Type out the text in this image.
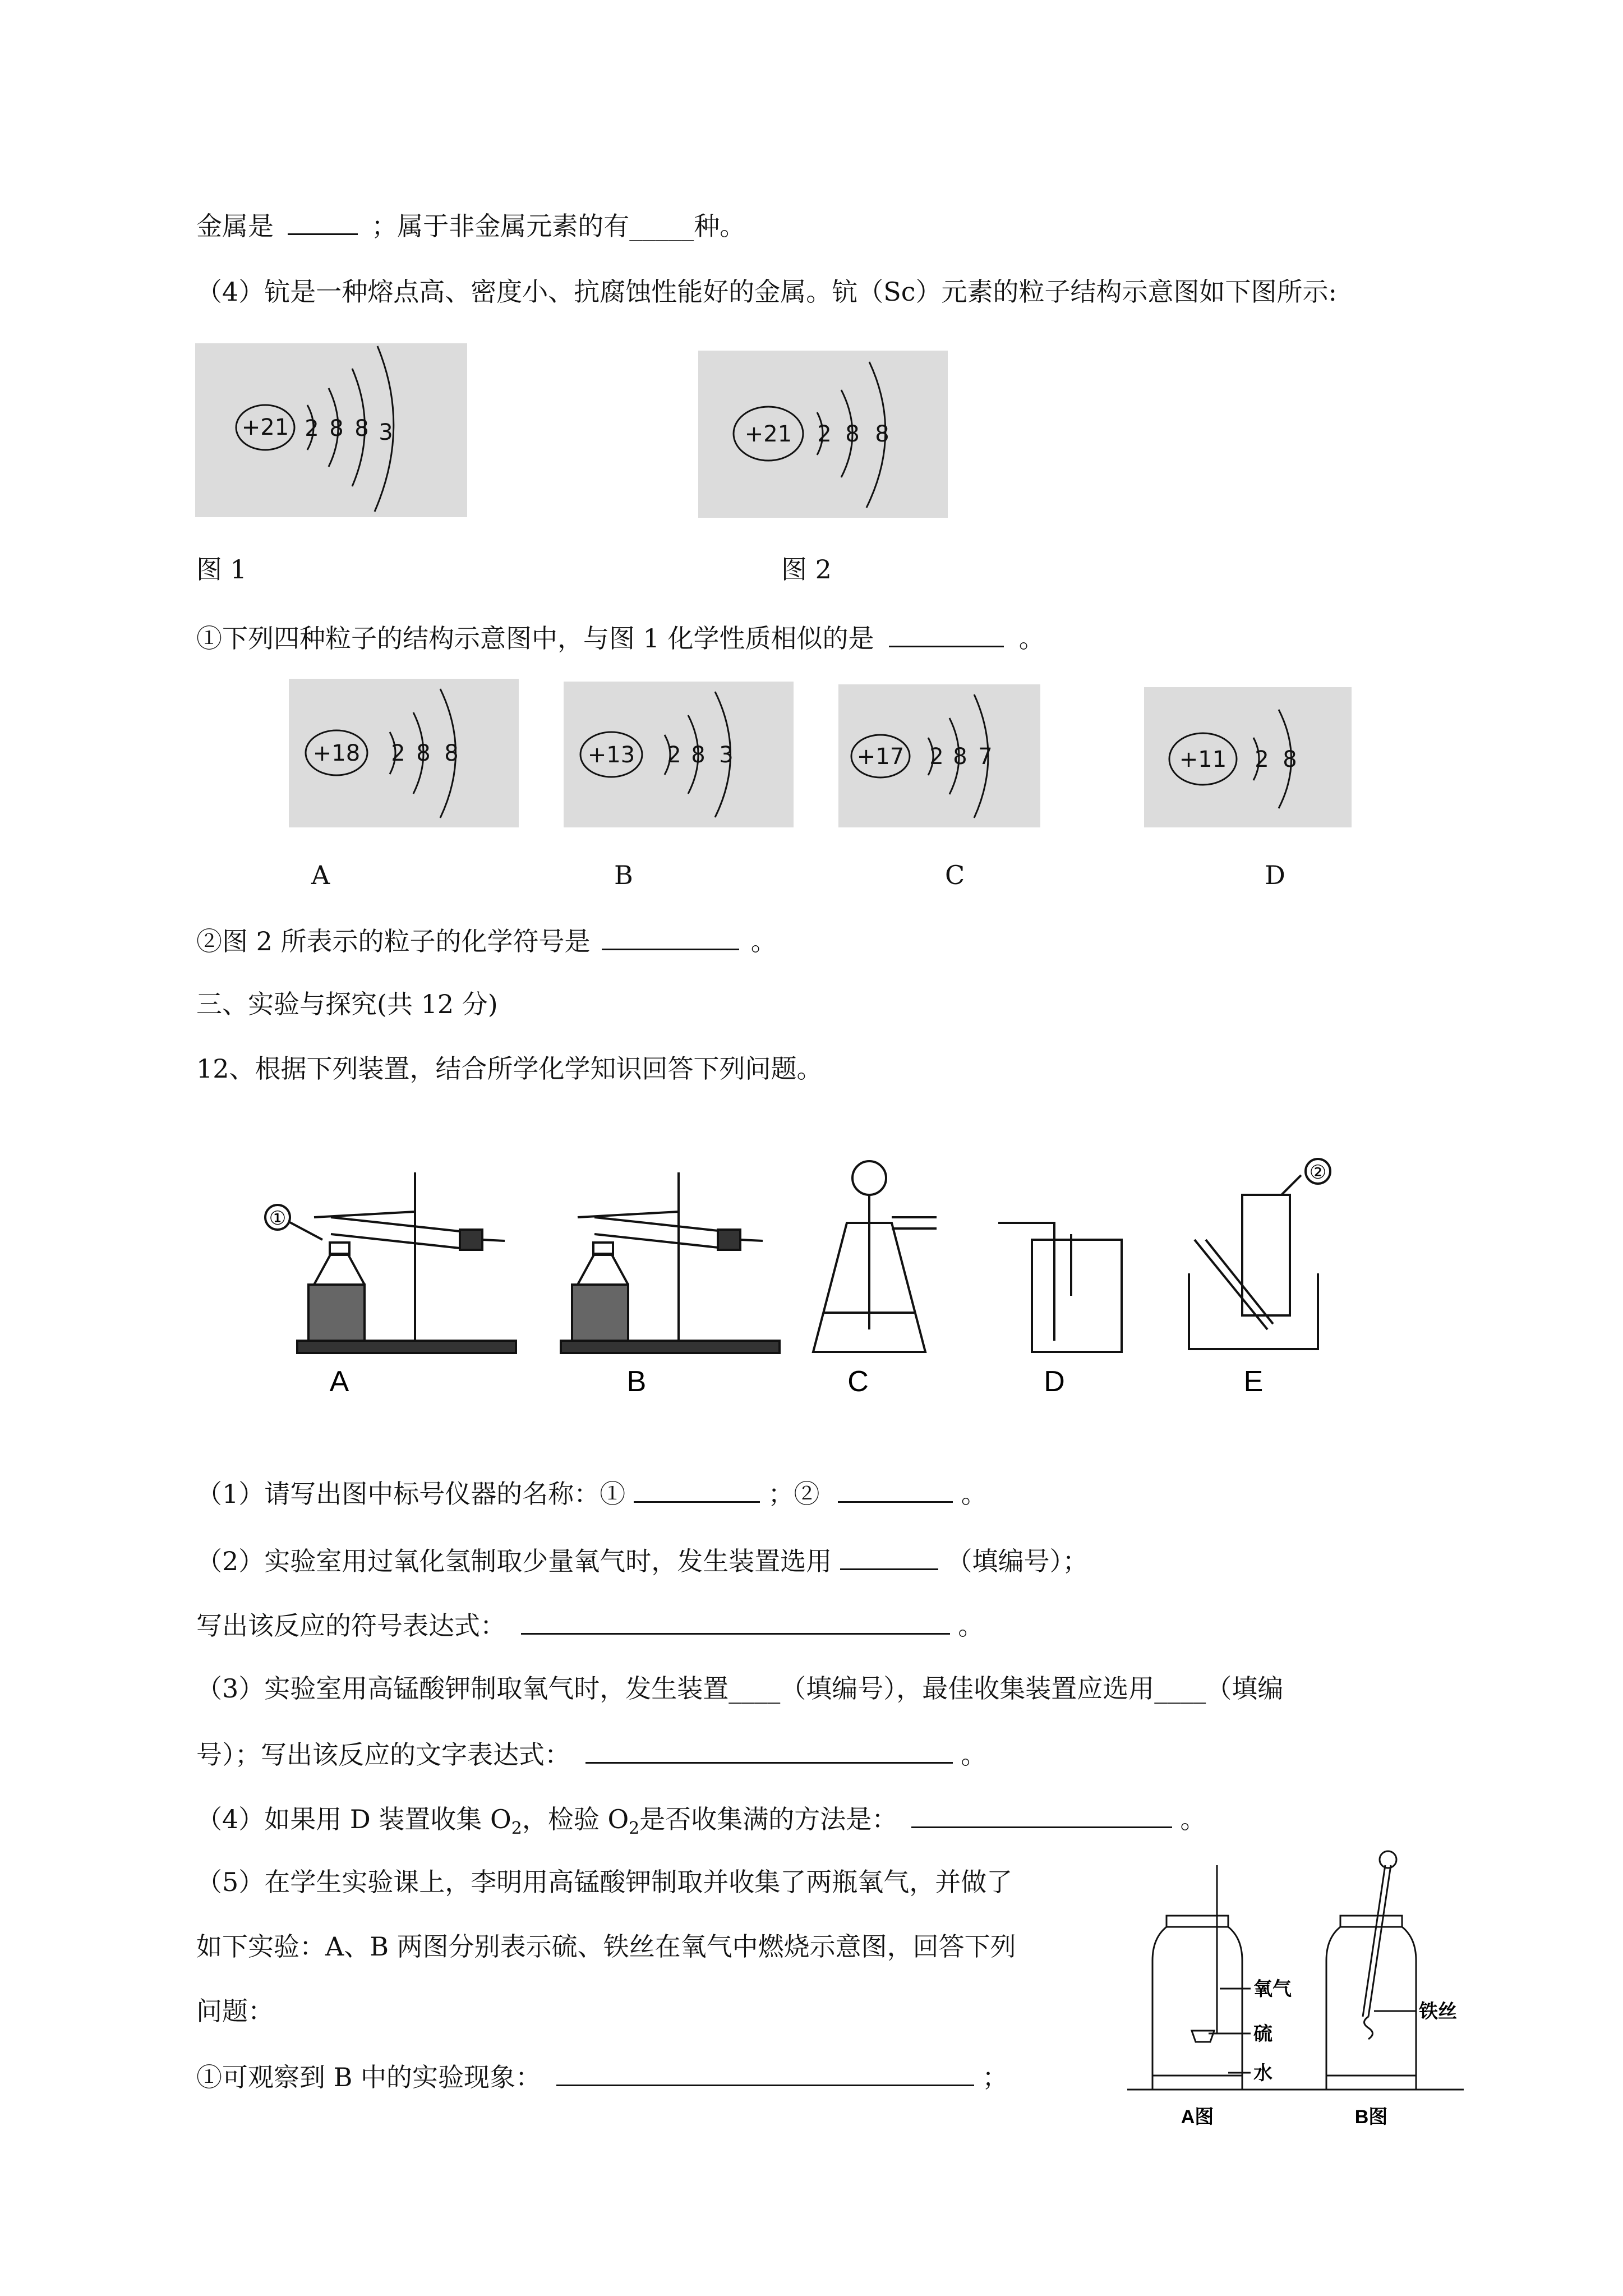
金属是	；属于非金属元素的有_____种。
（4）钪是一种熔点高、密度小、抗腐蚀性能好的金属。钪（Sc）元素的粒子结构示意图如下图所示:
+21 2 8 8 3
图 1
+21 2 8 8
图 2
①下列四种粒子的结构示意图中，与图 1 化学性质相似的是	。
+18 2 8 8
A
+13 2 8 3
B
+17 2 8 7
C
+11 2 8
D
②图 2 所表示的粒子的化学符号是	。
三、实验与探究(共 12 分)
12、根据下列装置，结合所学化学知识回答下列问题。
A	B	C	D	E
①
②
（1）请写出图中标号仪器的名称：①	；②	。
（2）实验室用过氧化氢制取少量氧气时，发生装置选用	（填编号）；
写出该反应的符号表达式：	。
（3）实验室用高锰酸钾制取氧气时，发生装置____（填编号），最佳收集装置应选用____（填编
号）；写出该反应的文字表达式：	。
（4）如果用 D 装置收集 $O_2$，检验 $O_2$是否收集满的方法是：	。
（5）在学生实验课上，李明用高锰酸钾制取并收集了两瓶氧气，并做了
如下实验：A、B 两图分别表示硫、铁丝在氧气中燃烧示意图，回答下列
问题：
①可观察到 B 中的实验现象：	；
氧气
硫
水
铁丝
A图	B图
